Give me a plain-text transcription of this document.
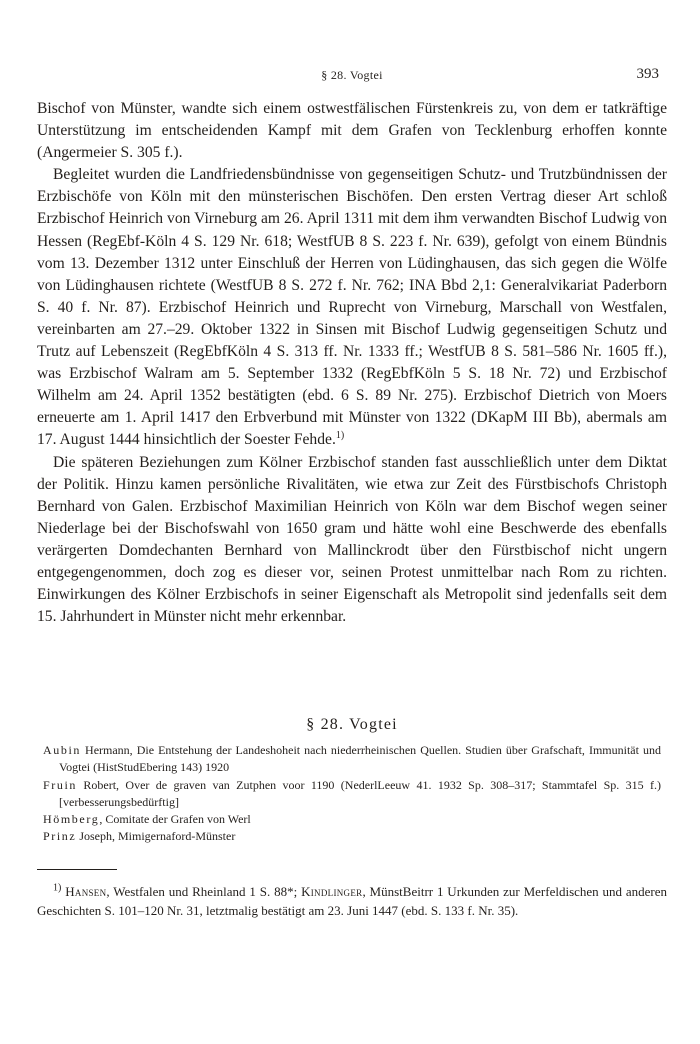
§ 28. Vogtei	393

Bischof von Münster, wandte sich einem ostwestfälischen Fürstenkreis zu, von dem er tatkräftige Unterstützung im entscheidenden Kampf mit dem Grafen von Tecklenburg erhoffen konnte (Angermeier S. 305 f.).

Begleitet wurden die Landfriedensbündnisse von gegenseitigen Schutz- und Trutzbündnissen der Erzbischöfe von Köln mit den münsterischen Bischöfen. Den ersten Vertrag dieser Art schloß Erzbischof Heinrich von Virneburg am 26. April 1311 mit dem ihm verwandten Bischof Ludwig von Hessen (RegEbf-Köln 4 S. 129 Nr. 618; WestfUB 8 S. 223 f. Nr. 639), gefolgt von einem Bündnis vom 13. Dezember 1312 unter Einschluß der Herren von Lüdinghausen, das sich gegen die Wölfe von Lüdinghausen richtete (WestfUB 8 S. 272 f. Nr. 762; INA Bbd 2,1: Generalvikariat Paderborn S. 40 f. Nr. 87). Erzbischof Heinrich und Ruprecht von Virneburg, Marschall von Westfalen, vereinbarten am 27.–29. Oktober 1322 in Sinsen mit Bischof Ludwig gegenseitigen Schutz und Trutz auf Lebenszeit (RegEbfKöln 4 S. 313 ff. Nr. 1333 ff.; WestfUB 8 S. 581–586 Nr. 1605 ff.), was Erzbischof Walram am 5. September 1332 (RegEbfKöln 5 S. 18 Nr. 72) und Erzbischof Wilhelm am 24. April 1352 bestätigten (ebd. 6 S. 89 Nr. 275). Erzbischof Dietrich von Moers erneuerte am 1. April 1417 den Erbverbund mit Münster von 1322 (DKapM III Bb), abermals am 17. August 1444 hinsichtlich der Soester Fehde.$^{1)}$

Die späteren Beziehungen zum Kölner Erzbischof standen fast ausschließlich unter dem Diktat der Politik. Hinzu kamen persönliche Rivalitäten, wie etwa zur Zeit des Fürstbischofs Christoph Bernhard von Galen. Erzbischof Maximilian Heinrich von Köln war dem Bischof wegen seiner Niederlage bei der Bischofswahl von 1650 gram und hätte wohl eine Beschwerde des ebenfalls verärgerten Domdechanten Bernhard von Mallinckrodt über den Fürstbischof nicht ungern entgegengenommen, doch zog es dieser vor, seinen Protest unmittelbar nach Rom zu richten. Einwirkungen des Kölner Erzbischofs in seiner Eigenschaft als Metropolit sind jedenfalls seit dem 15. Jahrhundert in Münster nicht mehr erkennbar.

§ 28. Vogtei
Aubin Hermann, Die Entstehung der Landeshoheit nach niederrheinischen Quellen. Studien über Grafschaft, Immunität und Vogtei (HistStudEbering 143) 1920
Fruin Robert, Over de graven van Zutphen voor 1190 (NederlLeeuw 41. 1932 Sp. 308–317; Stammtafel Sp. 315 f.) [verbesserungsbedürftig]
Hömberg, Comitate der Grafen von Werl
Prinz Joseph, Mimigernaford-Münster
$^{1)}$ Hansen, Westfalen und Rheinland 1 S. 88*; Kindlinger, MünstBeitrr 1 Urkunden zur Merfeldischen und anderen Geschichten S. 101–120 Nr. 31, letztmalig bestätigt am 23. Juni 1447 (ebd. S. 133 f. Nr. 35).
